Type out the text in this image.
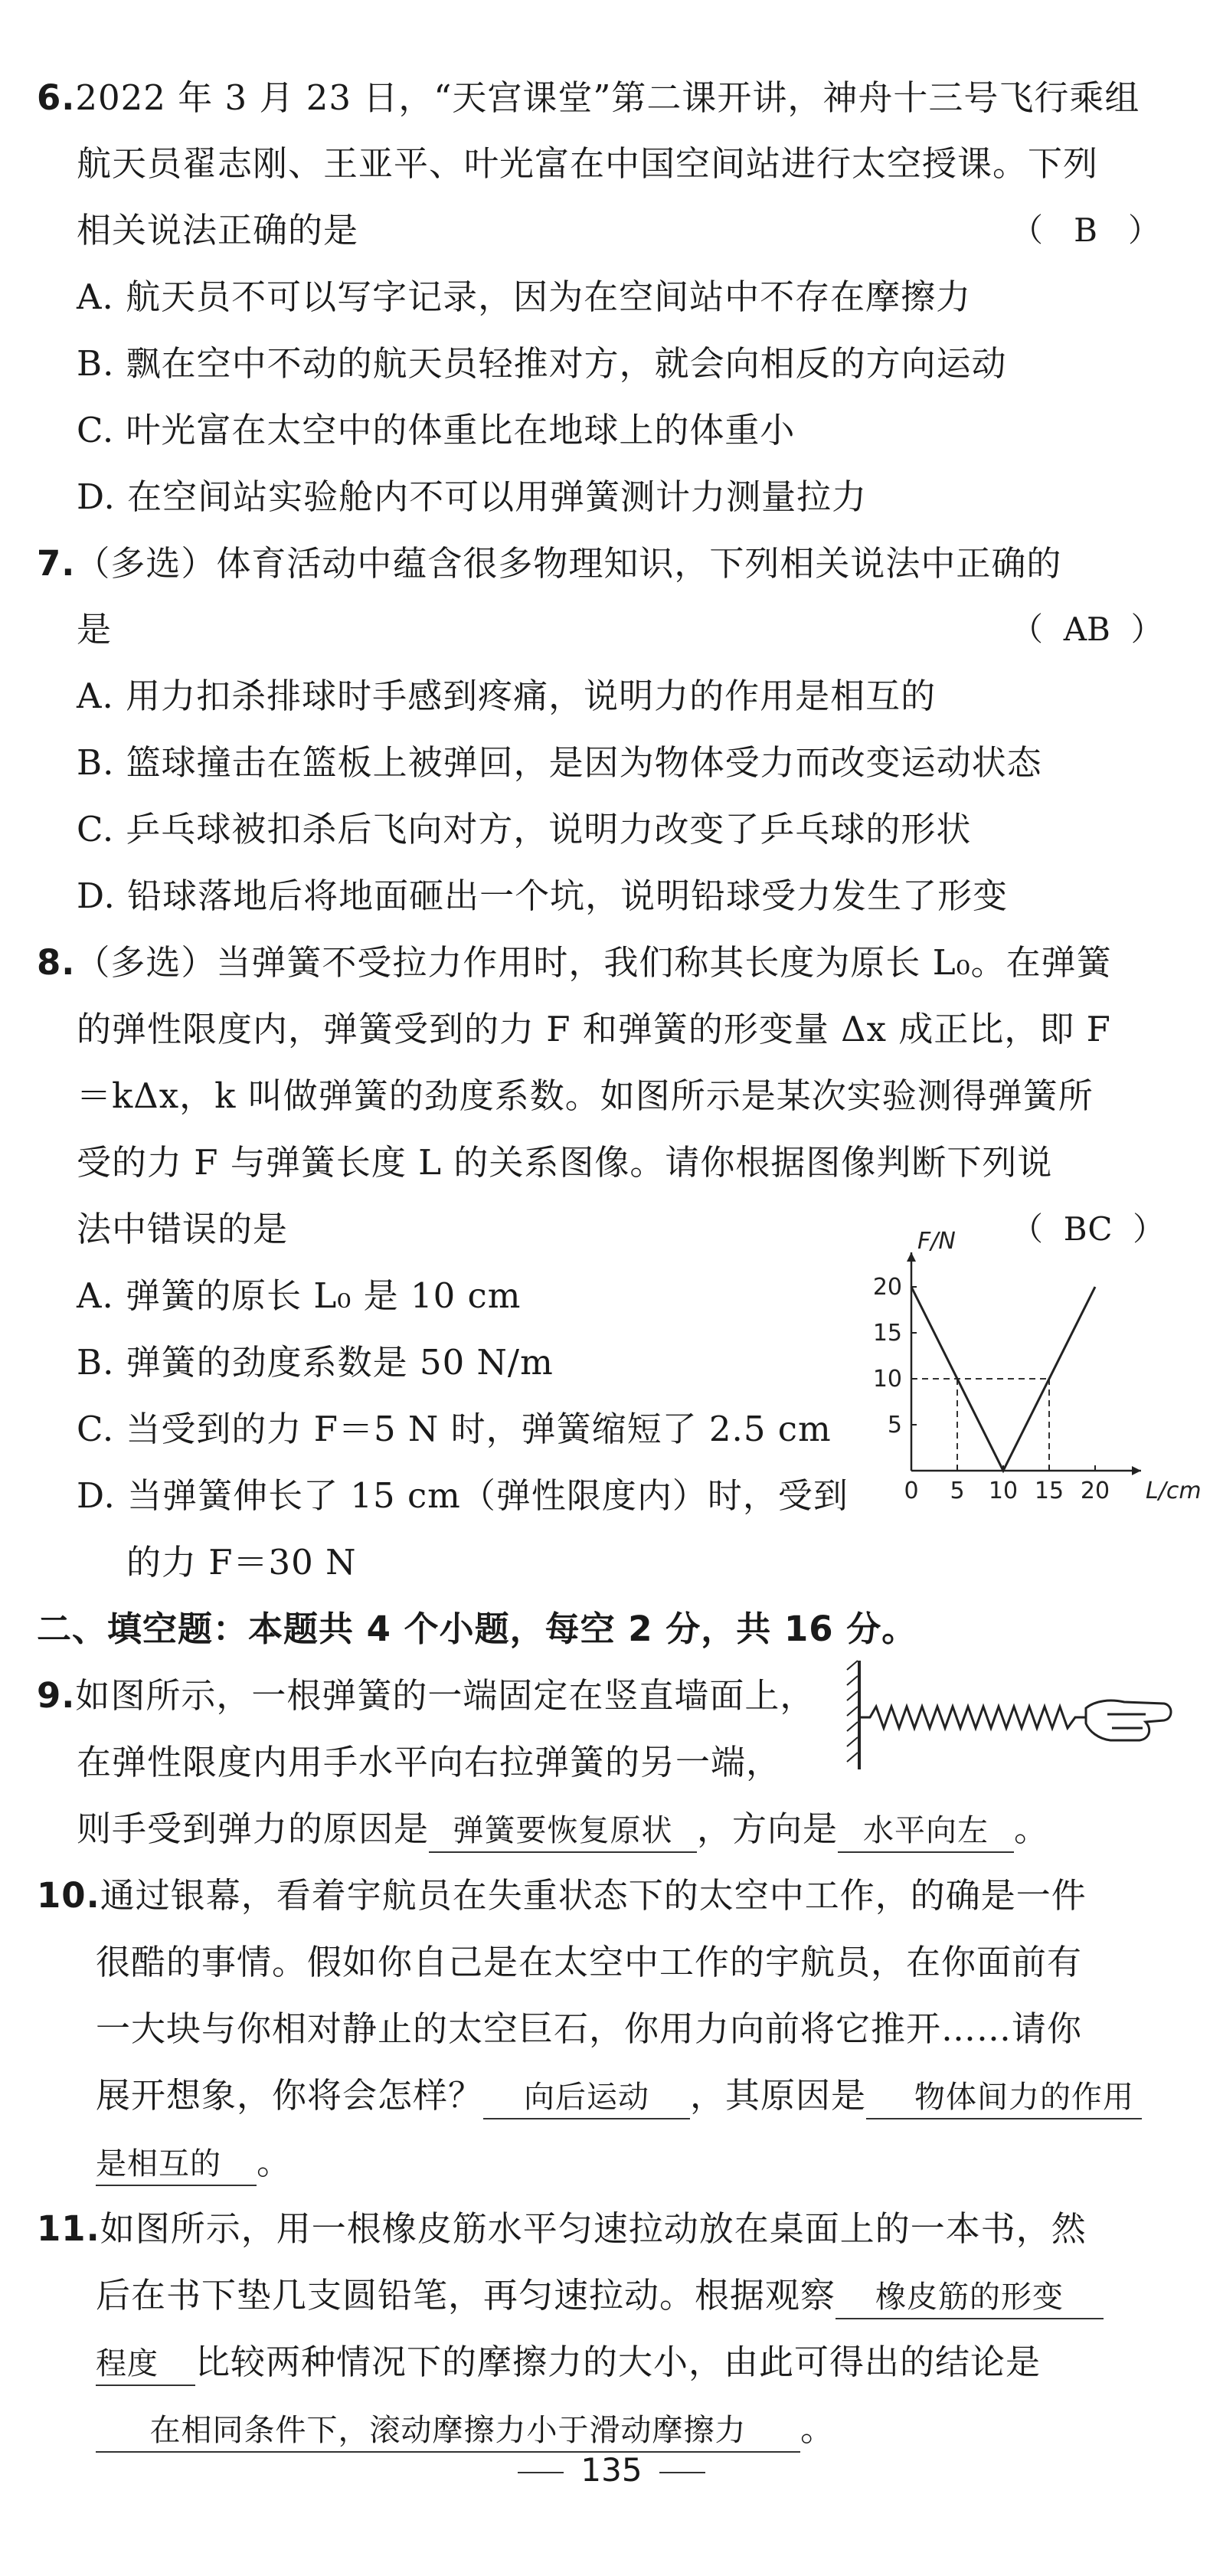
6.2022 年 3 月 23 日，“天宫课堂”第二课开讲，神舟十三号飞行乘组
航天员翟志刚、王亚平、叶光富在中国空间站进行太空授课。下列
相关说法正确的是	（   B   ）
A. 航天员不可以写字记录，因为在空间站中不存在摩擦力
B. 飘在空中不动的航天员轻推对方，就会向相反的方向运动
C. 叶光富在太空中的体重比在地球上的体重小
D. 在空间站实验舱内不可以用弹簧测计力测量拉力
7.（多选）体育活动中蕴含很多物理知识，下列相关说法中正确的
是	（  AB  ）
A. 用力扣杀排球时手感到疼痛，说明力的作用是相互的
B. 篮球撞击在篮板上被弹回，是因为物体受力而改变运动状态
C. 乒乓球被扣杀后飞向对方，说明力改变了乒乓球的形状
D. 铅球落地后将地面砸出一个坑，说明铅球受力发生了形变
8.（多选）当弹簧不受拉力作用时，我们称其长度为原长 L₀。在弹簧
的弹性限度内，弹簧受到的力 F 和弹簧的形变量 Δx 成正比，即 F
＝kΔx，k 叫做弹簧的劲度系数。如图所示是某次实验测得弹簧所
受的力 F 与弹簧长度 L 的关系图像。请你根据图像判断下列说
法中错误的是	（  BC  ）
A. 弹簧的原长 L₀ 是 10 cm
B. 弹簧的劲度系数是 50 N/m
C. 当受到的力 F＝5 N 时，弹簧缩短了 2.5 cm
D. 当弹簧伸长了 15 cm（弹性限度内）时，受到
的力 F＝30 N
0 5 10 15 20
5
10
15
20
L/cm
F/N
二、填空题：本题共 4 个小题，每空 2 分，共 16 分。
9.如图所示，一根弹簧的一端固定在竖直墙面上，
在弹性限度内用手水平向右拉弹簧的另一端，
则手受到弹力的原因是 弹簧要恢复原状 ，方向是 水平向左 。
10.通过银幕，看着宇航员在失重状态下的太空中工作，的确是一件
很酷的事情。假如你自己是在太空中工作的宇航员，在你面前有
一大块与你相对静止的太空巨石，你用力向前将它推开……请你
展开想象，你将会怎样？ 向后运动 ，其原因是 物体间力的作用
是相互的 。
11.如图所示，用一根橡皮筋水平匀速拉动放在桌面上的一本书，然
后在书下垫几支圆铅笔，再匀速拉动。根据观察 橡皮筋的形变
程度 比较两种情况下的摩擦力的大小，由此可得出的结论是
在相同条件下，滚动摩擦力小于滑动摩擦力 。
135
